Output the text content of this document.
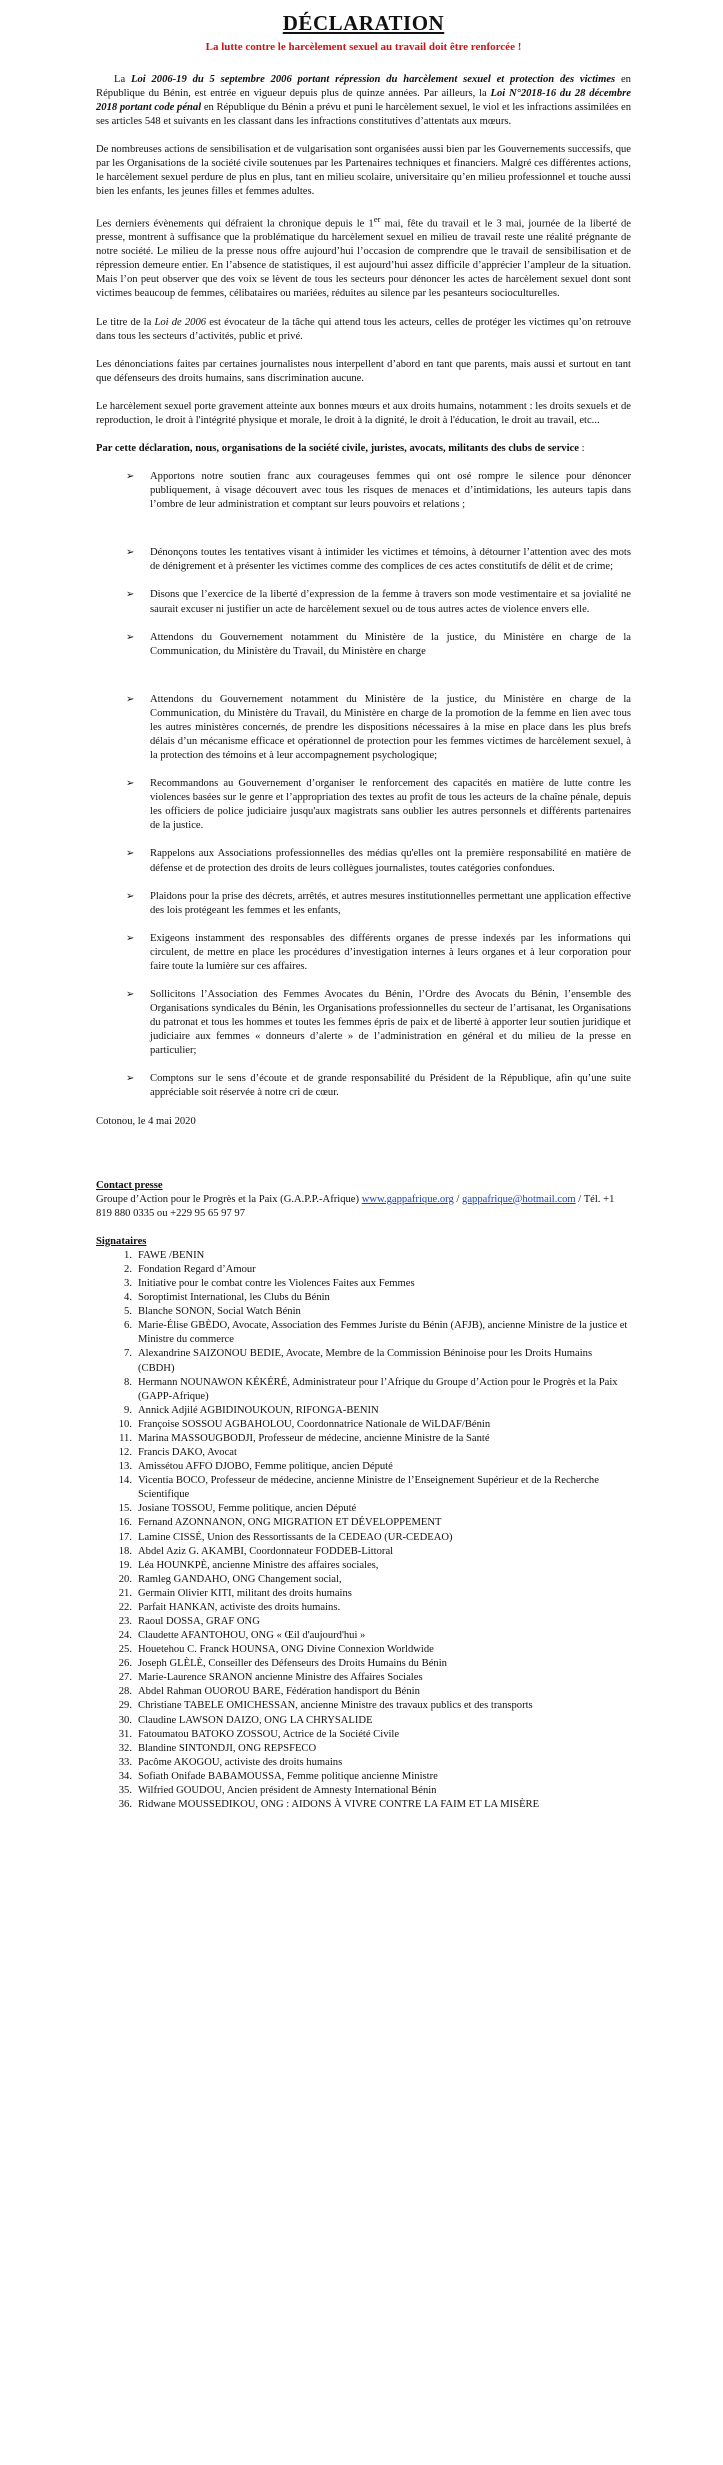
DÉCLARATION
La lutte contre le harcèlement sexuel au travail doit être renforcée !

La Loi 2006-19 du 5 septembre 2006 portant répression du harcèlement sexuel et protection des victimes en République du Bénin, est entrée en vigueur depuis plus de quinze années. Par ailleurs, la Loi N°2018-16 du 28 décembre 2018 portant code pénal en République du Bénin a prévu et puni le harcèlement sexuel, le viol et les infractions assimilées en ses articles 548 et suivants en les classant dans les infractions constitutives d’attentats aux mœurs.

De nombreuses actions de sensibilisation et de vulgarisation sont organisées aussi bien par les Gouvernements successifs, que par les Organisations de la société civile soutenues par les Partenaires techniques et financiers. Malgré ces différentes actions, le harcèlement sexuel perdure de plus en plus, tant en milieu scolaire, universitaire qu’en milieu professionnel et touche aussi bien les enfants, les jeunes filles et femmes adultes.

Les derniers évènements qui défraient la chronique depuis le 1er mai, fête du travail et le 3 mai, journée de la liberté de presse, montrent à suffisance que la problématique du harcèlement sexuel en milieu de travail reste une réalité prégnante de notre société. Le milieu de la presse nous offre aujourd’hui l’occasion de comprendre que le travail de sensibilisation et de répression demeure entier. En l’absence de statistiques, il est aujourd’hui assez difficile d’apprécier l’ampleur de la situation. Mais l’on peut observer que des voix se lèvent de tous les secteurs pour dénoncer les actes de harcèlement sexuel dont sont victimes beaucoup de femmes, célibataires ou mariées, réduites au silence par les pesanteurs socioculturelles.

Le titre de la Loi de 2006 est évocateur de la tâche qui attend tous les acteurs, celles de protéger les victimes qu’on retrouve dans tous les secteurs d’activités, public et privé.

Les dénonciations faites par certaines journalistes nous interpellent d’abord en tant que parents, mais aussi et surtout en tant que défenseurs des droits humains, sans discrimination aucune.

Le harcèlement sexuel porte gravement atteinte aux bonnes mœurs et aux droits humains, notamment : les droits sexuels et de reproduction, le droit à l'intégrité physique et morale, le droit à la dignité, le droit à l'éducation, le droit au travail, etc...

Par cette déclaration, nous, organisations de la société civile, juristes, avocats, militants des clubs de service :

➢ Apportons notre soutien franc aux courageuses femmes qui ont osé rompre le silence pour dénoncer publiquement, à visage découvert avec tous les risques de menaces et d’intimidations, les auteurs tapis dans l’ombre de leur administration et comptant sur leurs pouvoirs et relations ;
➢ Dénonçons toutes les tentatives visant à intimider les victimes et témoins, à détourner l’attention avec des mots de dénigrement et à présenter les victimes comme des complices de ces actes constitutifs de délit et de crime;
➢ Disons que l’exercice de la liberté d’expression de la femme à travers son mode vestimentaire et sa jovialité ne saurait excuser ni justifier un acte de harcèlement sexuel ou de tous autres actes de violence envers elle.
➢ Attendons du Gouvernement notamment du Ministère de la justice, du Ministère en charge de la Communication, du Ministère du Travail, du Ministère en charge
➢ Attendons du Gouvernement notamment du Ministère de la justice, du Ministère en charge de la Communication, du Ministère du Travail, du Ministère en charge de la promotion de la femme en lien avec tous les autres ministères concernés, de prendre les dispositions nécessaires à la mise en place dans les plus brefs délais d’un mécanisme efficace et opérationnel de protection pour les femmes victimes de harcèlement sexuel, à la protection des témoins et à leur accompagnement psychologique;
➢ Recommandons au Gouvernement d’organiser le renforcement des capacités en matière de lutte contre les violences basées sur le genre et l’appropriation des textes au profit de tous les acteurs de la chaîne pénale, depuis les officiers de police judiciaire jusqu'aux magistrats sans oublier les autres personnels et différents partenaires de la justice.
➢ Rappelons aux Associations professionnelles des médias qu'elles ont la première responsabilité en matière de défense et de protection des droits de leurs collègues journalistes, toutes catégories confondues.
➢ Plaidons pour la prise des décrets, arrêtés, et autres mesures institutionnelles permettant une application effective des lois protégeant les femmes et les enfants,
➢ Exigeons instamment des responsables des différents organes de presse indexés par les informations qui circulent, de mettre en place les procédures d’investigation internes à leurs organes et à leur corporation pour faire toute la lumière sur ces affaires.
➢ Sollicitons l’Association des Femmes Avocates du Bénin, l’Ordre des Avocats du Bénin, l’ensemble des Organisations syndicales du Bénin, les Organisations professionnelles du secteur de l’artisanat, les Organisations du patronat et tous les hommes et toutes les femmes épris de paix et de liberté à apporter leur soutien juridique et judiciaire aux femmes « donneurs d’alerte » de l’administration en général et du milieu de la presse en particulier;
➢ Comptons sur le sens d’écoute et de grande responsabilité du Président de la République, afin qu’une suite appréciable soit réservée à notre cri de cœur.
Cotonou, le 4 mai 2020
Contact presse
Groupe d’Action pour le Progrès et la Paix (G.A.P.P.-Afrique) www.gappafrique.org / gappafrique@hotmail.com / Tél. +1 819 880 0335 ou +229 95 65 97 97
Signataires
1. FAWE /BENIN
2. Fondation Regard d’Amour
3. Initiative pour le combat contre les Violences Faites aux Femmes
4. Soroptimist International, les Clubs du Bénin
5. Blanche SONON, Social Watch Bénin
6. Marie-Élise GBÈDO, Avocate, Association des Femmes Juriste du Bénin (AFJB), ancienne Ministre de la justice et Ministre du commerce
7. Alexandrine SAIZONOU BEDIE, Avocate, Membre de la Commission Béninoise pour les Droits Humains (CBDH)
8. Hermann NOUNAWON KÉKÉRÉ, Administrateur pour l’Afrique du Groupe d’Action pour le Progrès et la Paix (GAPP-Afrique)
9. Annick Adjilé AGBIDINOUKOUN, RIFONGA-BENIN
10. Françoise SOSSOU AGBAHOLOU, Coordonnatrice Nationale de WiLDAF/Bénin
11. Marina MASSOUGBODJI, Professeur de médecine, ancienne Ministre de la Santé
12. Francis DAKO, Avocat
13. Amissétou AFFO DJOBO, Femme politique, ancien Député
14. Vicentia BOCO, Professeur de médecine, ancienne Ministre de l’Enseignement Supérieur et de la Recherche Scientifique
15. Josiane TOSSOU, Femme politique, ancien Député
16. Fernand AZONNANON, ONG MIGRATION ET DÉVELOPPEMENT
17. Lamine CISSÉ, Union des Ressortissants de la CEDEAO (UR-CEDEAO)
18. Abdel Aziz G. AKAMBI, Coordonnateur FODDEB-Littoral
19. Léa HOUNKPÈ, ancienne Ministre des affaires sociales,
20. Ramleg GANDAHO, ONG Changement social,
21. Germain Olivier KITI, militant des droits humains
22. Parfait HANKAN, activiste des droits humains.
23. Raoul DOSSA, GRAF ONG
24. Claudette AFANTOHOU, ONG « Œil d'aujourd'hui »
25. Houetehou C. Franck HOUNSA, ONG Divine Connexion Worldwide
26. Joseph GLÈLÈ, Conseiller des Défenseurs des Droits Humains du Bénin
27. Marie-Laurence SRANON ancienne Ministre des Affaires Sociales
28. Abdel Rahman OUOROU BARE, Fédération handisport du Bénin
29. Christiane TABELE OMICHESSAN, ancienne Ministre des travaux publics et des transports
30. Claudine LAWSON DAIZO, ONG LA CHRYSALIDE
31. Fatoumatou BATOKO ZOSSOU, Actrice de la Société Civile
32. Blandine SINTONDJI, ONG REPSFECO
33. Pacôme AKOGOU, activiste des droits humains
34. Sofiath Onifade BABAMOUSSA, Femme politique ancienne Ministre
35. Wilfried GOUDOU, Ancien président de Amnesty International Bénin
36. Ridwane MOUSSEDIKOU, ONG : AIDONS À VIVRE CONTRE LA FAIM ET LA MISÈRE
